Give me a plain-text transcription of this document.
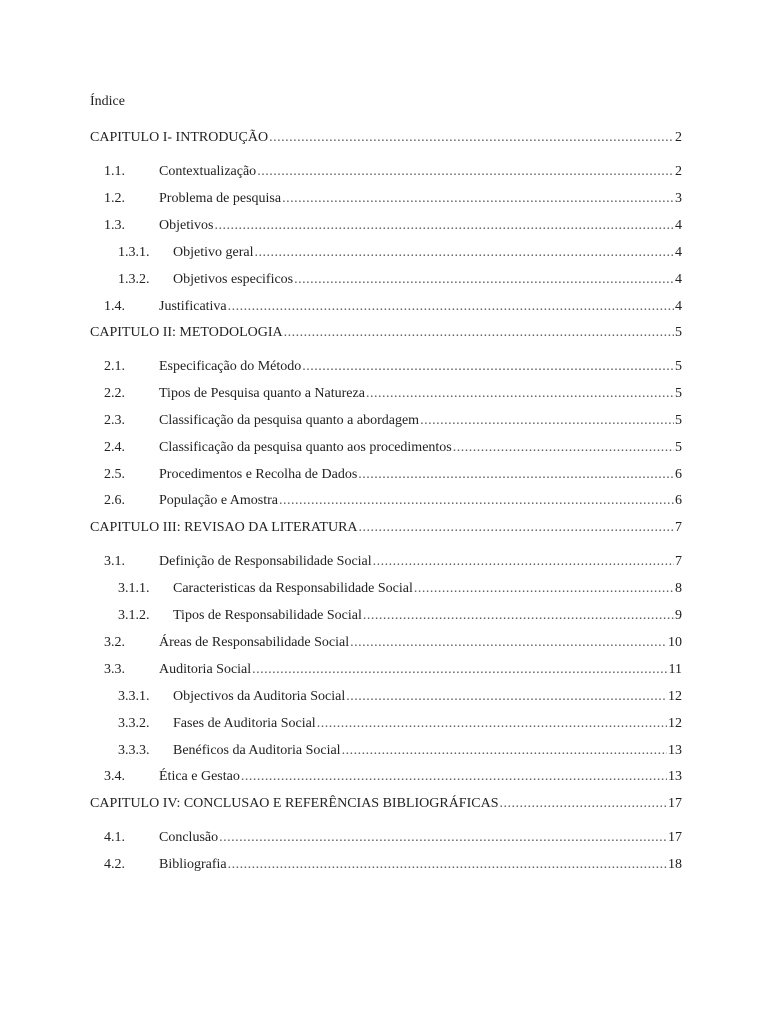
Índice
CAPITULO I- INTRODUÇÃO .....	2
1.1.	Contextualização .....	2
1.2.	Problema de pesquisa .....	3
1.3.	Objetivos .....	4
1.3.1.	Objetivo geral .....	4
1.3.2.	Objetivos especificos .....	4
1.4.	Justificativa .....	4
CAPITULO II: METODOLOGIA .....	5
2.1.	Especificação do Método .....	5
2.2.	Tipos de Pesquisa quanto a Natureza .....	5
2.3.	Classificação da pesquisa quanto a abordagem .....	5
2.4.	Classificação da pesquisa quanto aos procedimentos .....	5
2.5.	Procedimentos e Recolha de Dados .....	6
2.6.	População e Amostra .....	6
CAPITULO III: REVISAO DA LITERATURA .....	7
3.1.	Definição de Responsabilidade Social .....	7
3.1.1.	Caracteristicas da Responsabilidade Social .....	8
3.1.2.	Tipos de Responsabilidade Social .....	9
3.2.	Áreas de Responsabilidade Social .....	10
3.3.	Auditoria Social .....	11
3.3.1.	Objectivos da Auditoria Social .....	12
3.3.2.	Fases de Auditoria Social .....	12
3.3.3.	Benéficos da Auditoria Social .....	13
3.4.	Ética e Gestao .....	13
CAPITULO IV: CONCLUSAO E REFERÊNCIAS BIBLIOGRÁFICAS .....	17
4.1.	Conclusão .....	17
4.2.	Bibliografia .....	18
